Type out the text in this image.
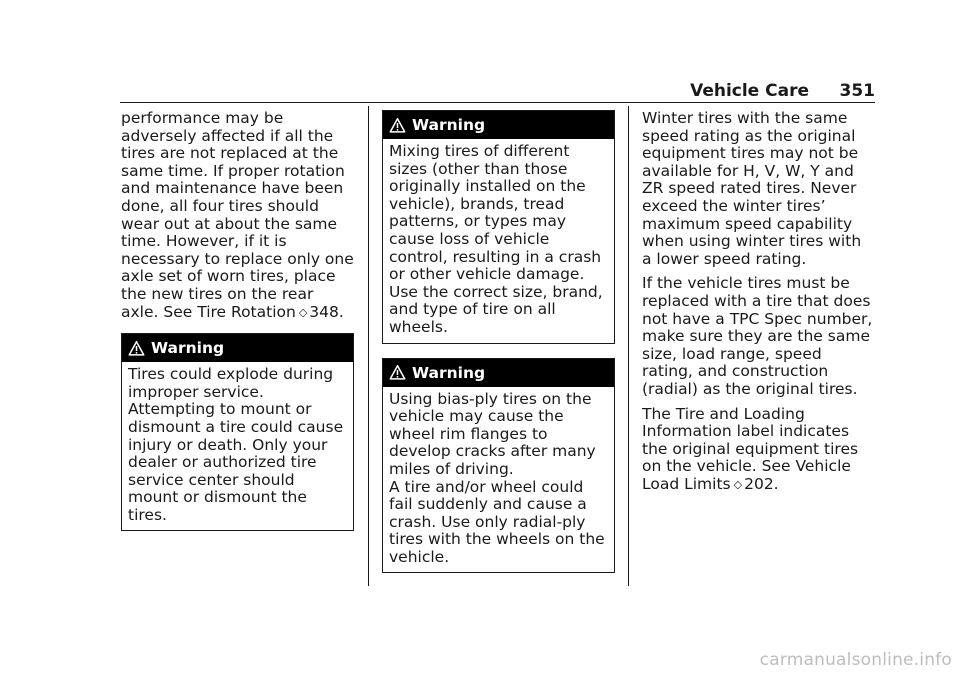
Vehicle Care 351

performance may be adversely affected if all the tires are not replaced at the same time. If proper rotation and maintenance have been done, all four tires should wear out at about the same time. However, if it is necessary to replace only one axle set of worn tires, place the new tires on the rear axle. See Tire Rotation ◇ 348.

Warning

Tires could explode during improper service. Attempting to mount or dismount a tire could cause injury or death. Only your dealer or authorized tire service center should mount or dismount the tires.

Warning

Mixing tires of different sizes (other than those originally installed on the vehicle), brands, tread patterns, or types may cause loss of vehicle control, resulting in a crash or other vehicle damage. Use the correct size, brand, and type of tire on all wheels.

Warning

Using bias-ply tires on the vehicle may cause the wheel rim flanges to develop cracks after many miles of driving.

A tire and/or wheel could fail suddenly and cause a crash. Use only radial-ply tires with the wheels on the vehicle.

Winter tires with the same speed rating as the original equipment tires may not be available for H, V, W, Y and ZR speed rated tires. Never exceed the winter tires’ maximum speed capability when using winter tires with a lower speed rating.

If the vehicle tires must be replaced with a tire that does not have a TPC Spec number, make sure they are the same size, load range, speed rating, and construction (radial) as the original tires.

The Tire and Loading Information label indicates the original equipment tires on the vehicle. See Vehicle Load Limits ◇ 202.

carmanualsonline.info
